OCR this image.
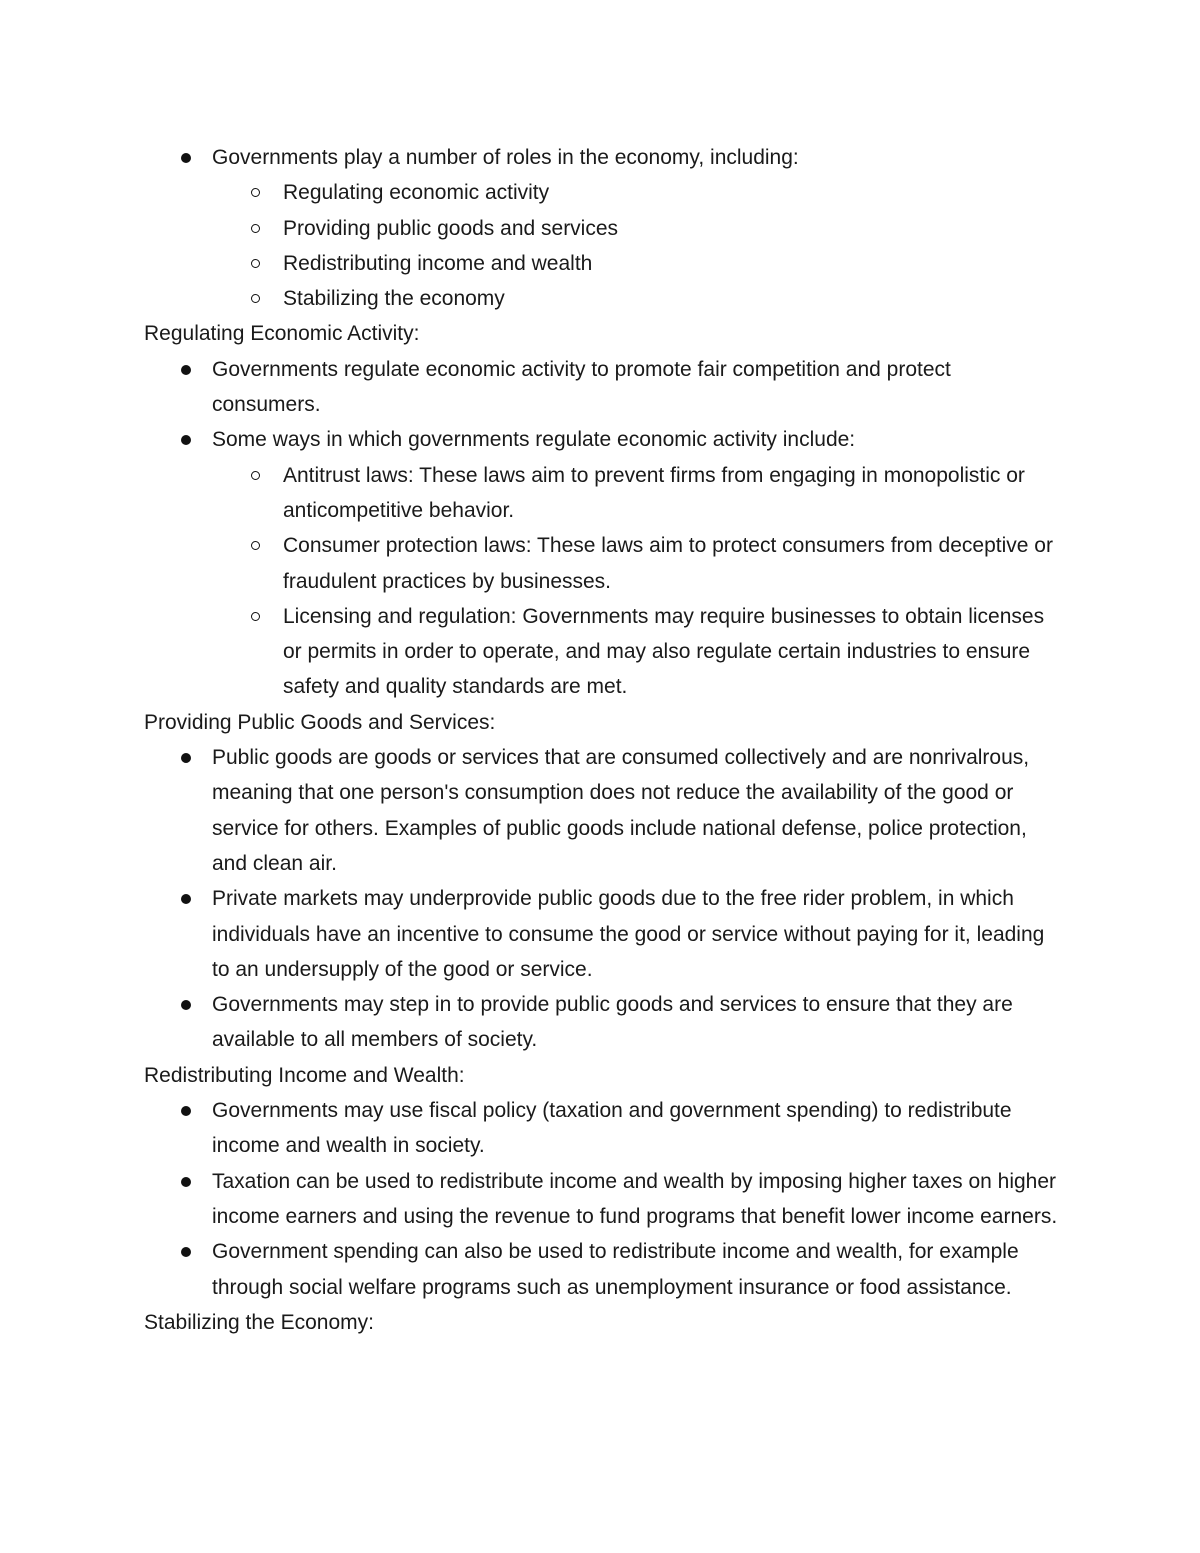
Governments play a number of roles in the economy, including:
Regulating economic activity
Providing public goods and services
Redistributing income and wealth
Stabilizing the economy

Regulating Economic Activity:

Governments regulate economic activity to promote fair competition and protect consumers.
Some ways in which governments regulate economic activity include:
Antitrust laws: These laws aim to prevent firms from engaging in monopolistic or anticompetitive behavior.
Consumer protection laws: These laws aim to protect consumers from deceptive or fraudulent practices by businesses.
Licensing and regulation: Governments may require businesses to obtain licenses or permits in order to operate, and may also regulate certain industries to ensure safety and quality standards are met.

Providing Public Goods and Services:

Public goods are goods or services that are consumed collectively and are nonrivalrous, meaning that one person's consumption does not reduce the availability of the good or service for others. Examples of public goods include national defense, police protection, and clean air.
Private markets may underprovide public goods due to the free rider problem, in which individuals have an incentive to consume the good or service without paying for it, leading to an undersupply of the good or service.
Governments may step in to provide public goods and services to ensure that they are available to all members of society.

Redistributing Income and Wealth:

Governments may use fiscal policy (taxation and government spending) to redistribute income and wealth in society.
Taxation can be used to redistribute income and wealth by imposing higher taxes on higher income earners and using the revenue to fund programs that benefit lower income earners.
Government spending can also be used to redistribute income and wealth, for example through social welfare programs such as unemployment insurance or food assistance.

Stabilizing the Economy:
